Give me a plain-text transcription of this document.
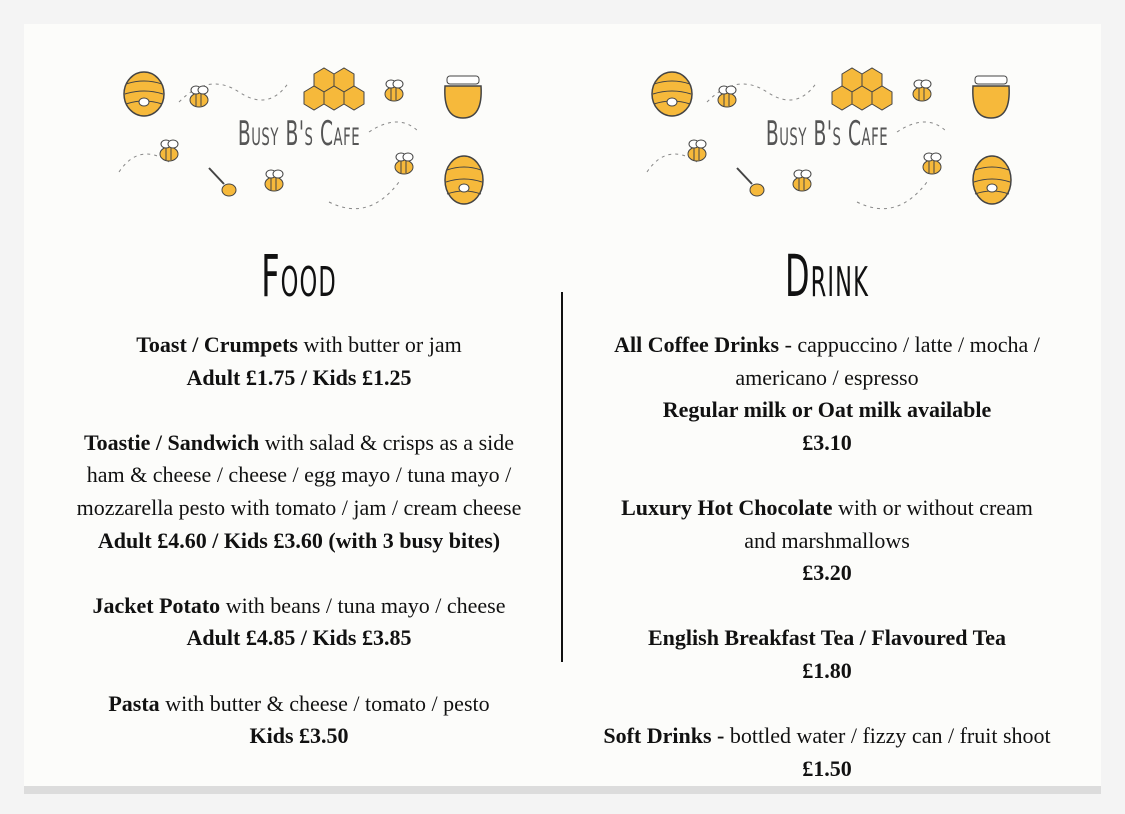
Busy B's Cafe
Food
Toast / Crumpets with butter or jam
Adult £1.75 / Kids £1.25
Toastie / Sandwich with salad & crisps as a side
ham & cheese / cheese / egg mayo / tuna mayo /
mozzarella pesto with tomato / jam / cream cheese
Adult £4.60 / Kids £3.60 (with 3 busy bites)
Jacket Potato with beans / tuna mayo / cheese
Adult £4.85 / Kids £3.85
Pasta with butter & cheese / tomato / pesto
Kids £3.50
Busy B's Cafe
Drink
All Coffee Drinks - cappuccino / latte / mocha /
americano / espresso
Regular milk or Oat milk available
£3.10
Luxury Hot Chocolate with or without cream
and marshmallows
£3.20
English Breakfast Tea / Flavoured Tea
£1.80
Soft Drinks - bottled water / fizzy can / fruit shoot
£1.50
